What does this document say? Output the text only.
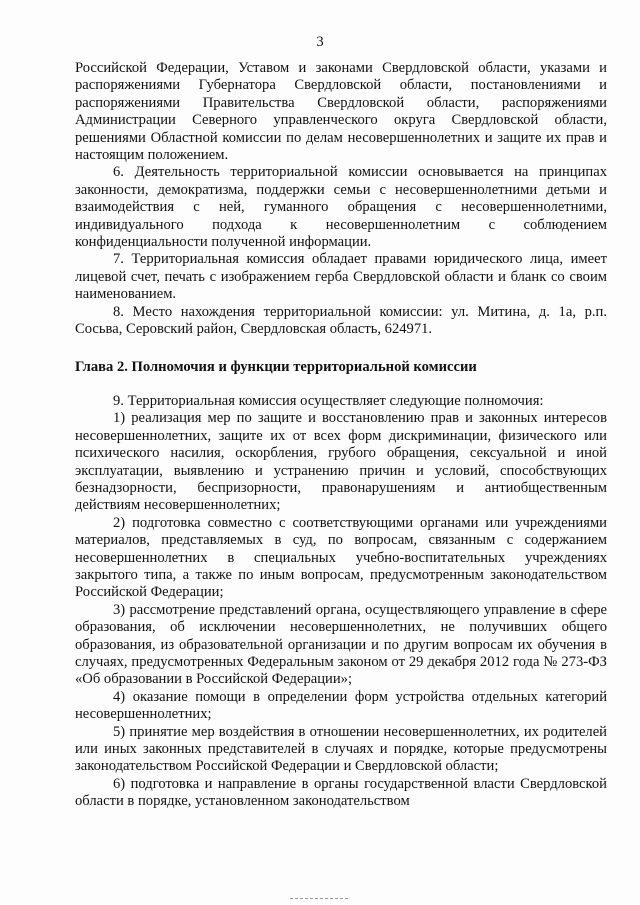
3

Российской Федерации, Уставом и законами Свердловской области, указами и распоряжениями Губернатора Свердловской области, постановлениями и распоряжениями Правительства Свердловской области, распоряжениями Администрации Северного управленческого округа Свердловской области, решениями Областной комиссии по делам несовершеннолетних и защите их прав и настоящим положением.

6. Деятельность территориальной комиссии основывается на принципах законности, демократизма, поддержки семьи с несовершеннолетними детьми и взаимодействия с ней, гуманного обращения с несовершеннолетними, индивидуального подхода к несовершеннолетним с соблюдением конфиденциальности полученной информации.

7. Территориальная комиссия обладает правами юридического лица, имеет лицевой счет, печать с изображением герба Свердловской области и бланк со своим наименованием.

8. Место нахождения территориальной комиссии: ул. Митина, д. 1а, р.п. Сосьва, Серовский район, Свердловская область, 624971.

Глава 2. Полномочия и функции территориальной комиссии

9. Территориальная комиссия осуществляет следующие полномочия:

1) реализация мер по защите и восстановлению прав и законных интересов несовершеннолетних, защите их от всех форм дискриминации, физического или психического насилия, оскорбления, грубого обращения, сексуальной и иной эксплуатации, выявлению и устранению причин и условий, способствующих безнадзорности, беспризорности, правонарушениям и антиобщественным действиям несовершеннолетних;

2) подготовка совместно с соответствующими органами или учреждениями материалов, представляемых в суд, по вопросам, связанным с содержанием несовершеннолетних в специальных учебно-воспитательных учреждениях закрытого типа, а также по иным вопросам, предусмотренным законодательством Российской Федерации;

3) рассмотрение представлений органа, осуществляющего управление в сфере образования, об исключении несовершеннолетних, не получивших общего образования, из образовательной организации и по другим вопросам их обучения в случаях, предусмотренных Федеральным законом от 29 декабря 2012 года № 273-ФЗ «Об образовании в Российской Федерации»;

4) оказание помощи в определении форм устройства отдельных категорий несовершеннолетних;

5) принятие мер воздействия в отношении несовершеннолетних, их родителей или иных законных представителей в случаях и порядке, которые предусмотрены законодательством Российской Федерации и Свердловской области;

6) подготовка и направление в органы государственной власти Свердловской области в порядке, установленном законодательством
